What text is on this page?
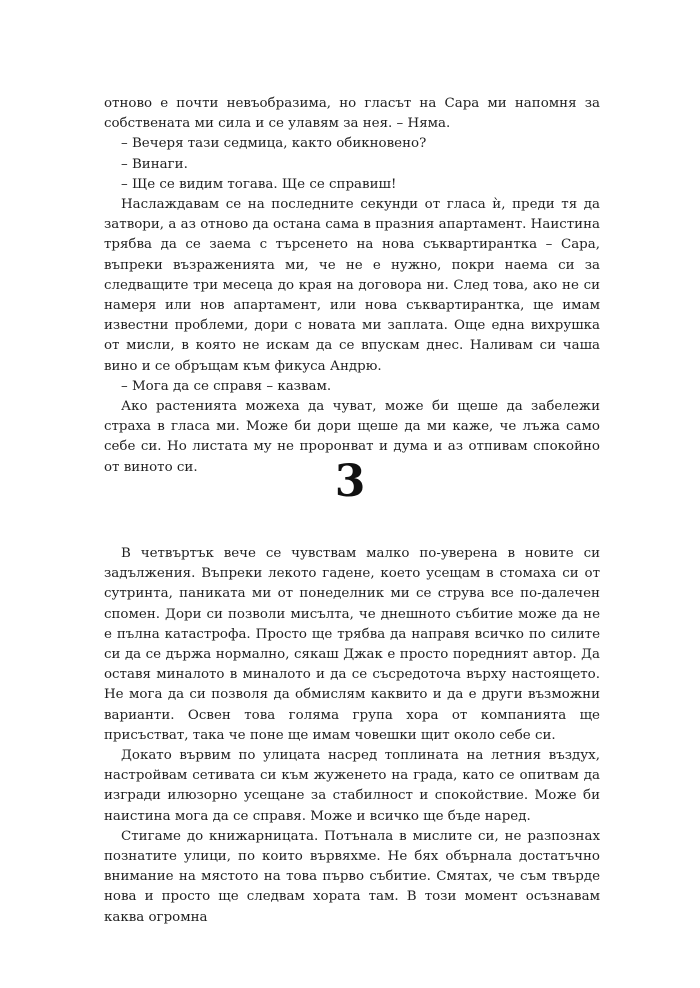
отново е почти невъобразима, но гласът на Сара ми напомня за собствената ми сила и се улавям за нея. – Няма.

– Вечеря тази седмица, както обикновено?

– Винаги.

– Ще се видим тогава. Ще се справиш!

Наслаждавам се на последните секунди от гласа ѝ, преди тя да затвори, а аз отново да остана сама в празния апартамент. Наистина трябва да се заема с търсенето на нова съквартирантка – Сара, въпреки възраженията ми, че не е нужно, покри наема си за следващите три месеца до края на договора ни. След това, ако не си намеря или нов апартамент, или нова съквартирантка, ще имам известни проблеми, дори с новата ми заплата. Още една вихрушка от мисли, в която не искам да се впускам днес. Наливам си чаша вино и се обръщам към фикуса Андрю.

– Мога да се справя – казвам.

Ако растенията можеха да чуват, може би щеше да забележи страха в гласа ми. Може би дори щеше да ми каже, че лъжа само себе си. Но листата му не проронват и дума и аз отпивам спокойно от виното си.	3

В четвъртък вече се чувствам малко по-уверена в новите си задължения. Въпреки лекото гадене, което усещам в стомаха си от сутринта, паниката ми от понеделник ми се струва все по-далечен спомен. Дори си позволи мисълта, че днешното събитие може да не е пълна катастрофа. Просто ще трябва да направя всичко по силите си да се държа нормално, сякаш Джак е просто поредният автор. Да оставя миналото в миналото и да се съсредоточа върху настоящето. Не мога да си позволя да обмислям каквито и да е други възможни варианти. Освен това голяма група хора от компанията ще присъстват, така че поне ще имам човешки щит около себе си.

Докато вървим по улицата насред топлината на летния въздух, настройвам сетивата си към жуженето на града, като се опитвам да изгради илюзорно усещане за стабилност и спокойствие. Може би наистина мога да се справя. Може и всичко ще бъде наред.

Стигаме до книжарницата. Потънала в мислите си, не разпознах познатите улици, по които вървяхме. Не бях обърнала достатъчно внимание на мястото на това първо събитие. Смятах, че съм твърде нова и просто ще следвам хората там. В този момент осъзнавам каква огромна
